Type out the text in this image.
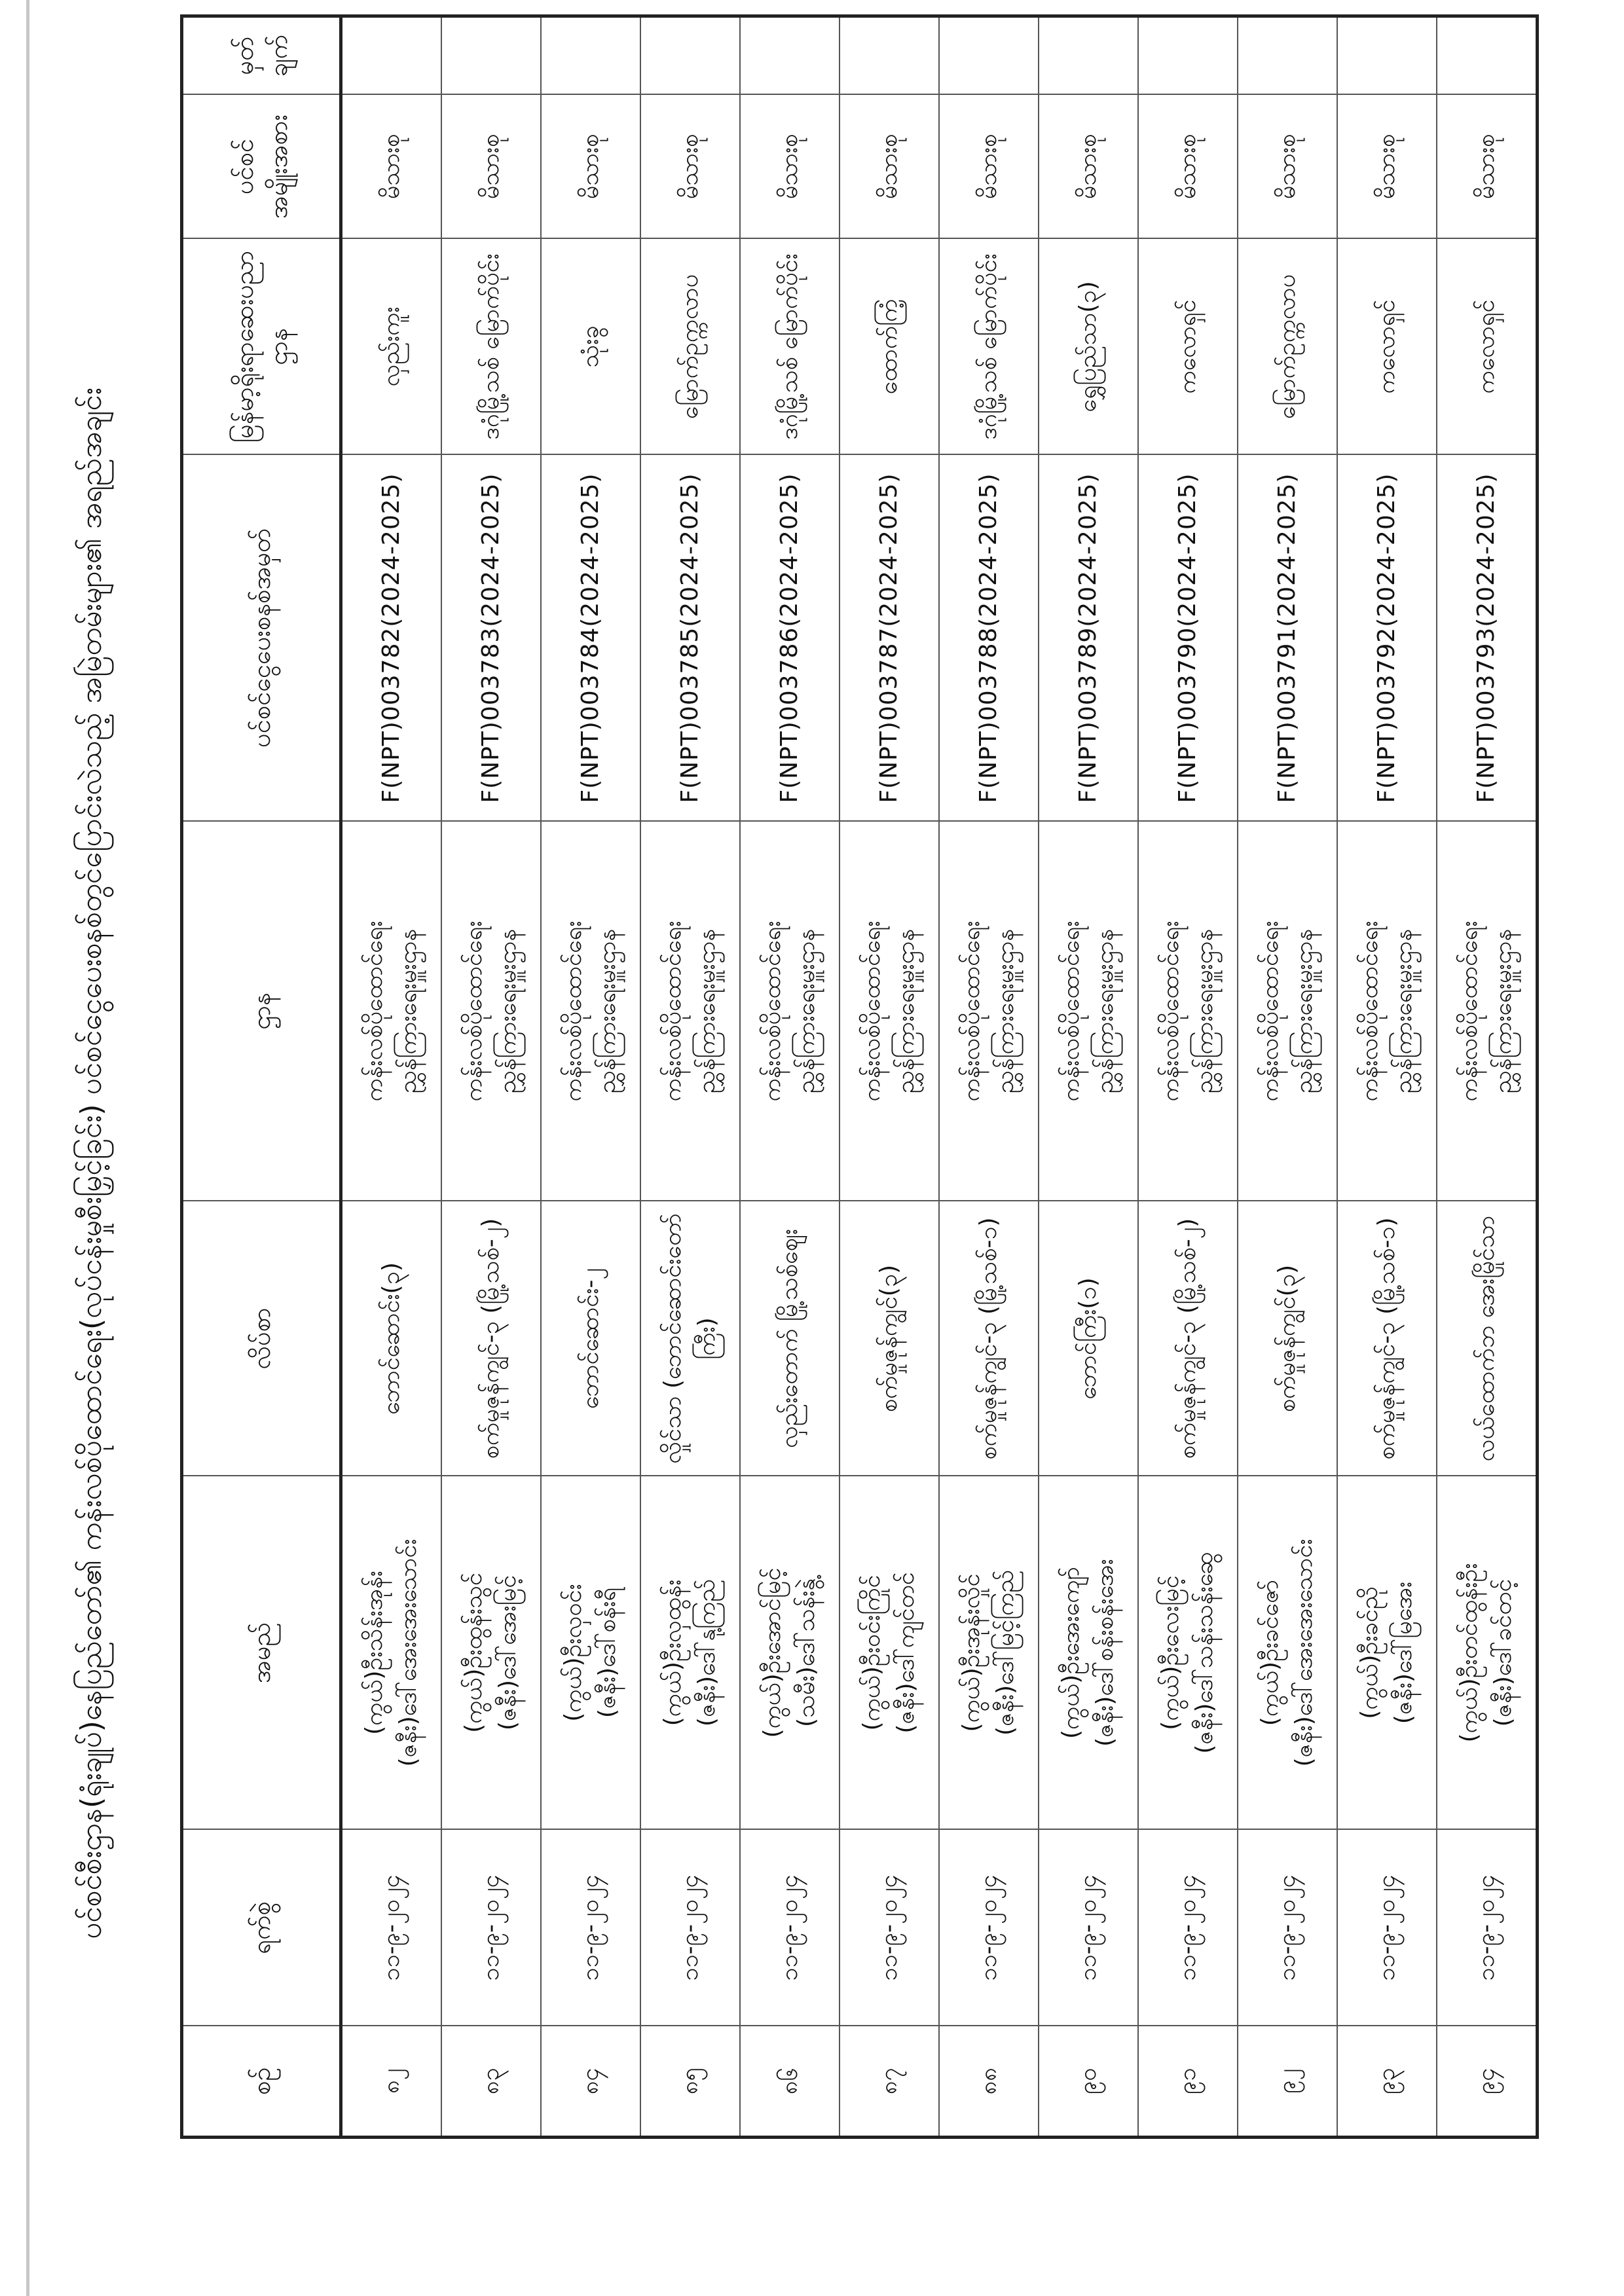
ပင်စင်စီးဌာန(ရုံးချုပ်)နေပြည်တော်၏ ကန်းလစ်ပိုထောင်ရေး(လုပ်ငန်းမှုစီးမြှင့်ခြင်း) ပင်စင်ငွေပေးစနစ်တွင်ပြောင်းလဲသည့် အမြဲတမ်းများ၏ အရည်အချင်း
စဉ်	ရက်စွဲ	အမည်	လိပ်စာ	ဌာန	ပင်စင်ငွေပေးစနစ်အမှတ်	မြန်မာ့ရိုးရာဆေးပညာ ဌာန	ပင်စင် အမျိုးအစား	မှတ် ချက်

၈၂	၁၁-၉-၂၀၂၄	(ကွယ်)ဦးသိန်းအုန်း (ဇနီး)ဒေါ်အေးအေးသောင်း	ဘောင်ဆောင်း(၃)	ကန်းလစ်ပိုထောင်ရေး ညွှန်ကြားရေးမှူးဌာန	F(NPT)003782(2024-2025)	လှည်းကူး	မိသားစု	
၈၃	၁၁-၉-၂၀၂၄	(ကွယ်)ဦးထွန်းသွင် (ဇနီး)ဒေါ်အေးမြင့်	စက်မှုဇုန်ကျွင်-၃ (မြို့သစ်-၂)	ကန်းလစ်ပိုထောင်ရေး ညွှန်ကြားရေးမှူးဌာန	F(NPT)003783(2024-2025)	ဒဂုံမြို့သစ် မြောက်ပိုင်း	မိသားစု	
၈၄	၁၁-၉-၂၀၂၄	(ကွယ်)ဦးလှဝင်း (ဇနီး)ဒေါ်စန်းရီ	ဘောင်ဆောင်း-၂	ကန်းလစ်ပိုထောင်ရေး ညွှန်ကြားရေးမှူးဌာန	F(NPT)003784(2024-2025)	သုံးခွ	မိသားစု	
၈၅	၁၁-၉-၂၀၂၄	(ကွယ်)ဦးလှထွန်း (ဇနီး)ဒေါ်နု့ကြည်	လှိုင်သာ (ဘောင်ဆောင်းတော်ကြီး)	ကန်းလစ်ပိုထောင်ရေး ညွှန်ကြားရေးမှူးဌာန	F(NPT)003785(2024-2025)	မြောက်ဥက္ကလာပ	မိသားစု	
၈၆	၁၁-၉-၂၀၂၄	(ကွယ်)ဦးအောင်မြင့် (သမီး)ဒေါ်သန်းနွဲ့	လှည်းတောက် မြို့သစ်ဈေး	ကန်းလစ်ပိုထောင်ရေး ညွှန်ကြားရေးမှူးဌာန	F(NPT)003786(2024-2025)	ဒဂုံမြို့သစ် မြောက်ပိုင်း	မိသားစု	
၈၇	၁၁-၉-၂၀၂၄	(ကွယ်)ဦးဝင်းကြိုင် (ဇနီး)ဒေါ်ကျင်တင်	စက်မှုဇုန်ကျွင်(၃)	ကန်းလစ်ပိုထောင်ရေး ညွှန်ကြားရေးမှူးဌာန	F(NPT)003787(2024-2025)	ထောက်ကြံ့	မိသားစု	
၈၈	၁၁-၉-၂၀၂၄	(ကွယ်)ဦးအုန်းလှိုင် (ဇနီး)ဒေါ်မြင့်ကြည်	စက်မှုဇုန်ကျွင်-၃ (မြို့သစ်-၁)	ကန်းလစ်ပိုထောင်ရေး ညွှန်ကြားရေးမှူးဌာန	F(NPT)003788(2024-2025)	ဒဂုံမြို့သစ် မြောက်ပိုင်း	မိသားစု	
၉၀	၁၁-၉-၂၀၂၄	(ကွယ်)ဦးအေးကျော် (ဇနီး)ဒေါ်စန်းစန်းအေး	ဘောင်ကြီး(၁)	ကန်းလစ်ပိုထောင်ရေး ညွှန်ကြားရေးမှူးဌာန	F(NPT)003789(2024-2025)	ရွှေပြည်သာ(၃)	မိသားစု	
၉၁	၁၁-၉-၂၀၂၄	(ကွယ်)ဦးလေးမြင့် (ဇနီး)ဒေါ်သန်းသန်းဆွေ	စက်မှုဇုန်ကျွင်-၃ (မြို့သစ်-၂)	ကန်းလစ်ပိုထောင်ရေး ညွှန်ကြားရေးမှူးဌာန	F(NPT)003790(2024-2025)	ကလောရှင်	မိသားစု	
၉၂	၁၁-၉-၂၀၂၄	(ကွယ်)ဦးခင်ဇော် (ဇနီး)ဒေါ်အေးအေးသောင်း	စက်မှုဇုန်ကျွင်(၃)	ကန်းလစ်ပိုထောင်ရေး ညွှန်ကြားရေးမှူးဌာန	F(NPT)003791(2024-2025)	မြောက်ဥက္ကလာပ	မိသားစု	
၉၃	၁၁-၉-၂၀၂၄	(ကွယ်)ဦးခင်ညို (ဇနီး)ဒေါ်မြအေး	စက်မှုဇုန်ကျွင်-၃ (မြို့သစ်-၁)	ကန်းလစ်ပိုထောင်ရေး ညွှန်ကြားရေးမှူးဌာန	F(NPT)003792(2024-2025)	ကလောရှင်	မိသားစု	
၉၄	၁၁-၉-၂၀၂၄	(ကွယ်)ဦးတင်ထွန်းဦး (ဇနီး)ဒေါ်ခင်တင့်	လယ်ထောက်ဘ အေးမြိုင်သာ	ကန်းလစ်ပိုထောင်ရေး ညွှန်ကြားရေးမှူးဌာန	F(NPT)003793(2024-2025)	ကလောရှင်	မိသားစု	
